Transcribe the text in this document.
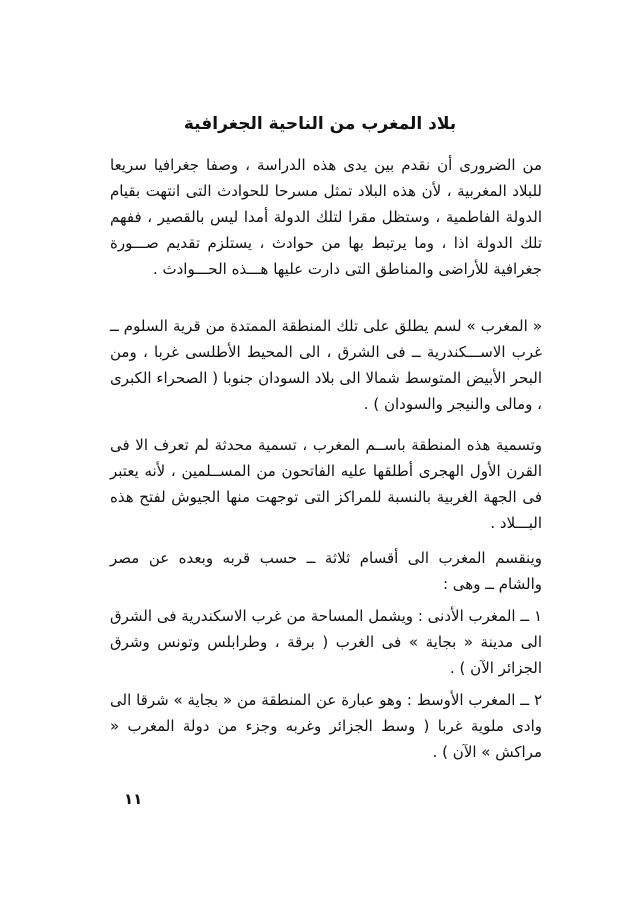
بلاد المغرب من الناحية الجغرافية

من الضرورى أن نقدم بين يدى هذه الدراسة ، وصفا جغرافيا سريعا للبلاد المغربية ، لأن هذه البلاد تمثل مسرحا للحوادث التى انتهت بقيام الدولة الفاطمية ، وستظل مقرا لتلك الدولة أمدا ليس بالقصير ، ففهم تلك الدولة اذا ، وما يرتبط بها من حوادث ، يستلزم تقديم صـــورة جغرافية للأراضى والمناطق التى دارت عليها هـــذه الحـــوادث .

« المغرب » لسم يطلق على تلك المنطقة الممتدة من قرية السلوم ــ غرب الاســـكندرية ــ فى الشرق ، الى المحيط الأطلسى غربا ، ومن البحر الأبيض المتوسط شمالا الى بلاد السودان جنوبا ( الصحراء الكبرى ، ومالى والنيجر والسودان ) .

وتسمية هذه المنطقة باســم المغرب ، تسمية محدثة لم تعرف الا فى القرن الأول الهجرى أطلقها عليه الفاتحون من المســلمين ، لأنه يعتبر فى الجهة الغربية بالنسبة للمراكز التى توجهت منها الجيوش لفتح هذه البـــلاد .

وينقسم المغرب الى أقسام ثلاثة ــ حسب قربه وبعده عن مصر والشام ــ وهى :

١ ــ المغرب الأدنى : ويشمل المساحة من غرب الاسكندرية فى الشرق الى مدينة « بجاية » فى الغرب ( برقة ، وطرابلس وتونس وشرق الجزائر الآن ) .

٢ ــ المغرب الأوسط : وهو عبارة عن المنطقة من « بجاية » شرقا الى وادى ملوية غربا ( وسط الجزائر وغربه وجزء من دولة المغرب « مراكش » الآن ) .

١١
